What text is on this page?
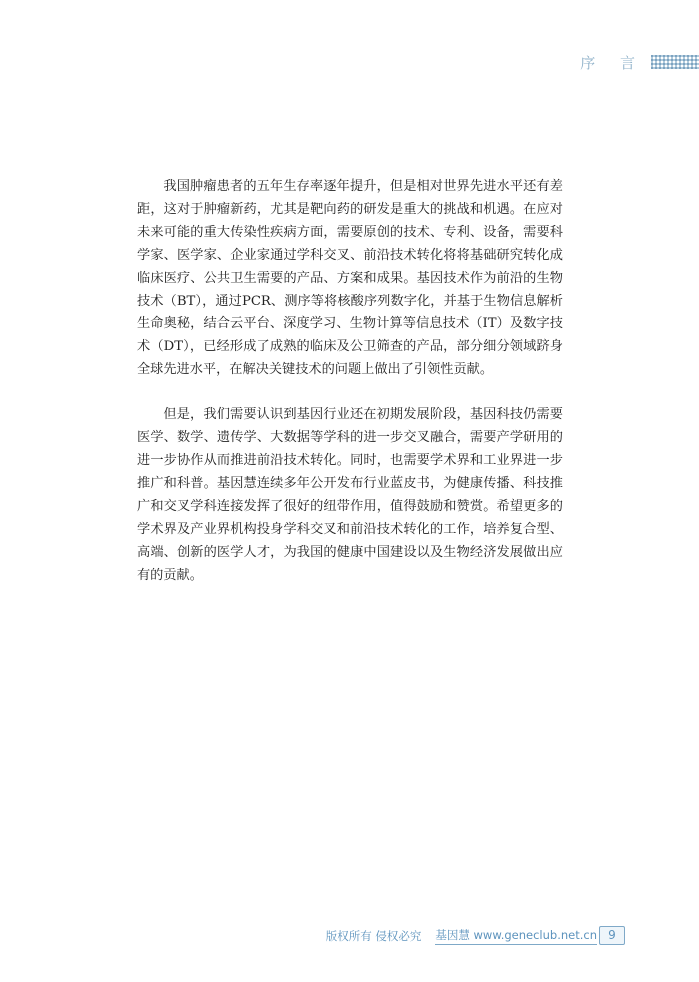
序 言

我国肿瘤患者的五年生存率逐年提升，但是相对世界先进水平还有差距，这对于肿瘤新药，尤其是靶向药的研发是重大的挑战和机遇。在应对未来可能的重大传染性疾病方面，需要原创的技术、专利、设备，需要科学家、医学家、企业家通过学科交叉、前沿技术转化将将基础研究转化成临床医疗、公共卫生需要的产品、方案和成果。基因技术作为前沿的生物技术（BT），通过PCR、测序等将核酸序列数字化，并基于生物信息解析生命奥秘，结合云平台、深度学习、生物计算等信息技术（IT）及数字技术（DT），已经形成了成熟的临床及公卫筛查的产品，部分细分领域跻身全球先进水平，在解决关键技术的问题上做出了引领性贡献。

但是，我们需要认识到基因行业还在初期发展阶段，基因科技仍需要医学、数学、遗传学、大数据等学科的进一步交叉融合，需要产学研用的进一步协作从而推进前沿技术转化。同时，也需要学术界和工业界进一步推广和科普。基因慧连续多年公开发布行业蓝皮书，为健康传播、科技推广和交叉学科连接发挥了很好的纽带作用，值得鼓励和赞赏。希望更多的学术界及产业界机构投身学科交叉和前沿技术转化的工作，培养复合型、高端、创新的医学人才，为我国的健康中国建设以及生物经济发展做出应有的贡献。

版权所有 侵权必究 基因慧 www.geneclub.net.cn 9
